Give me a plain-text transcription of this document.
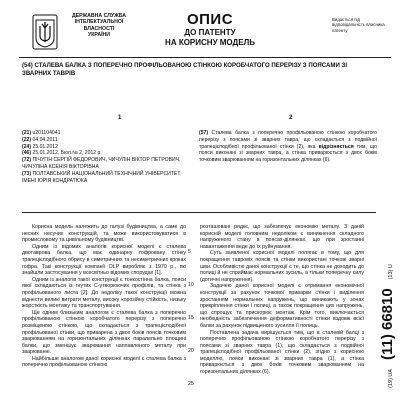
ДЕРЖАВНА СЛУЖБА
ІНТЕЛЕКТУАЛЬНОЇ
ВЛАСНОСТІ
УКРАЇНИ
ОПИС
ДО ПАТЕНТУ
НА КОРИСНУ МОДЕЛЬ
Видається під відповідальність власника патенту
(54) СТАЛЕВА БАЛКА З ПОПЕРЕЧНО ПРОФІЛЬОВАНОЮ СТІНКОЮ КОРОБЧАТОГО ПЕРЕРІЗУ З ПОЯСАМИ ЗІ ЗВАРНИХ ТАВРІВ
1	2
(21) u201104041
(22) 04.04.2011
(24) 25.01.2012
(46) 25.01.2012, Бюл.№ 2, 2012 р.
(72) ПІЧУГІН СЕРГІЙ ФЕДОРОВИЧ, ЧИЧУЛІН ВІКТОР ПЕТРОВИЧ, ЧИЧУЛІНА КСЕНІЯ ВІКТОРІВНА
(73) ПОЛТАВСЬКИЙ НАЦІОНАЛЬНИЙ ТЕХНІЧНИЙ УНІВЕРСИТЕТ ІМЕНІ ЮРІЯ КОНДРАТЮКА
(57) Сталева балка з поперечно профільованою стінкою коробчатого перерізу з поясами зі зварних тавра, що складається з подвійної трапецієподібної профільованої стінки (2), яка відрізняється тим, що пояси виконані зі зварних тавра, а стінка приварюється з двох боків точковим зварюванням на горизонтальних ділянках (6).

Корисна модель належить до галузі будівництва, а саме до несних несучих конструкцій, та може використовуватися в промисловому та цивільному будівництві.

Одним із відомих аналогів корисної моделі є сталева двотаврова балка, що має одинарну гофровану стінку трапецієподібного обрису в симетричних та несиметричних кроках гофра. Такі конструкції компанії OLP виробляє з 1970 р., які знайшли застосування у всесвітньо відомих спорудах [1].

Одним із аналогів такої конструкції є тонкостінна балка, пояси якої складаються із гнутих С-утворюючих профілів, та стінка з профільованого листа [2]. До недоліку такої конструкції можна віднести великі витрати металу, високу корозійну стійкість, низьку жорсткість монтажу та транспортування.

Ще одним близьким аналогом є сталева балка з поперечно профільованою стінкою коробчатого перерізу з поперечно розміщеною стінкою, що складається з трапецієподібної профільованої стінки, що приварена з двох боків поясів точковим зварюванням на горизонтальних ділянках паралельно площині балки, що зменшує зварювання наплавленого металу при зварюванні.

Найбільше аналогом даної корисної моделі є сталева балка з поперечно профільованою стінкою

5
10
15
20
25

розташовані рядкє, що забезпечує економію металу. З даній корисній моделі головним недоліком є виникнення складного напруженого стану в поясах-ділянках, що при зростанні навантаження веде до їх руйнування.

Суть заявленої корисної моделі полягає в тому, що для покращення тавровіх поясів та стінки використані точкові зварні шви. Особливістю даної конструкції є те, що стінка не доходить до полиці й не сприймає нормальних зусиль, а тільки поперечну силу (дотичні напруження).

Задачею даної корисної моделі є отримання економічної конструкції за рахунок точкової приварки стінки і виділення зростанням нормальних напружень, що виникають у зонах прикріплення стінки і полиці, а також покращення цих напружень, що спрощує та прискорює монтаж. Крім того, виключається необхідність забезпечення деформативності стінки вздовж всієї балки за рахунок підвищеного зусилля її полиць.

Поставлена задача вирішується тим, що в сталевій балці з поперечно профільованою стінкою коробчатого перерізу з поясами зі зварних тавра (1), що складається з подвійної трапецієподібної профільованої стінки (2), згідно з корисною моделлю, пояси виконані зі зварних тавра (1), а стінка приварюється з двох боків точковим зварюванням на горизонтальних ділянках (6).	(19) UA  (11) 66810  (13) U
